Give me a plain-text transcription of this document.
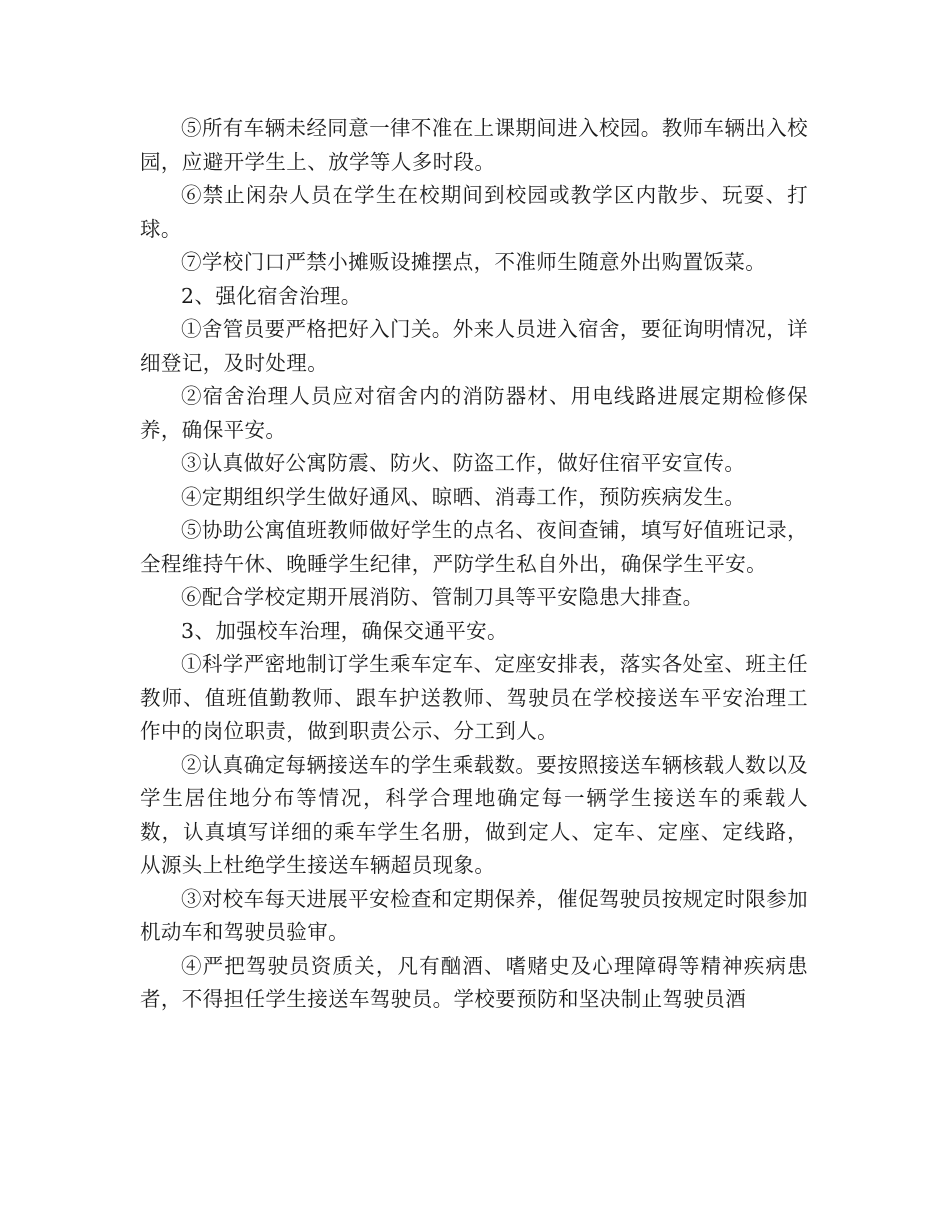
⑤所有车辆未经同意一律不准在上课期间进入校园。教师车辆出入校园，应避开学生上、放学等人多时段。

⑥禁止闲杂人员在学生在校期间到校园或教学区内散步、玩耍、打球。

⑦学校门口严禁小摊贩设摊摆点，不准师生随意外出购置饭菜。

2、强化宿舍治理。

①舍管员要严格把好入门关。外来人员进入宿舍，要征询明情况，详细登记，及时处理。

②宿舍治理人员应对宿舍内的消防器材、用电线路进展定期检修保养，确保平安。

③认真做好公寓防震、防火、防盗工作，做好住宿平安宣传。

④定期组织学生做好通风、晾晒、消毒工作，预防疾病发生。

⑤协助公寓值班教师做好学生的点名、夜间查铺，填写好值班记录，全程维持午休、晚睡学生纪律，严防学生私自外出，确保学生平安。

⑥配合学校定期开展消防、管制刀具等平安隐患大排查。

3、加强校车治理，确保交通平安。

①科学严密地制订学生乘车定车、定座安排表，落实各处室、班主任教师、值班值勤教师、跟车护送教师、驾驶员在学校接送车平安治理工作中的岗位职责，做到职责公示、分工到人。

②认真确定每辆接送车的学生乘载数。要按照接送车辆核载人数以及学生居住地分布等情况，科学合理地确定每一辆学生接送车的乘载人数，认真填写详细的乘车学生名册，做到定人、定车、定座、定线路，从源头上杜绝学生接送车辆超员现象。

③对校车每天进展平安检查和定期保养，催促驾驶员按规定时限参加机动车和驾驶员验审。

④严把驾驶员资质关，凡有酗酒、嗜赌史及心理障碍等精神疾病患者，不得担任学生接送车驾驶员。学校要预防和坚决制止驾驶员酒
